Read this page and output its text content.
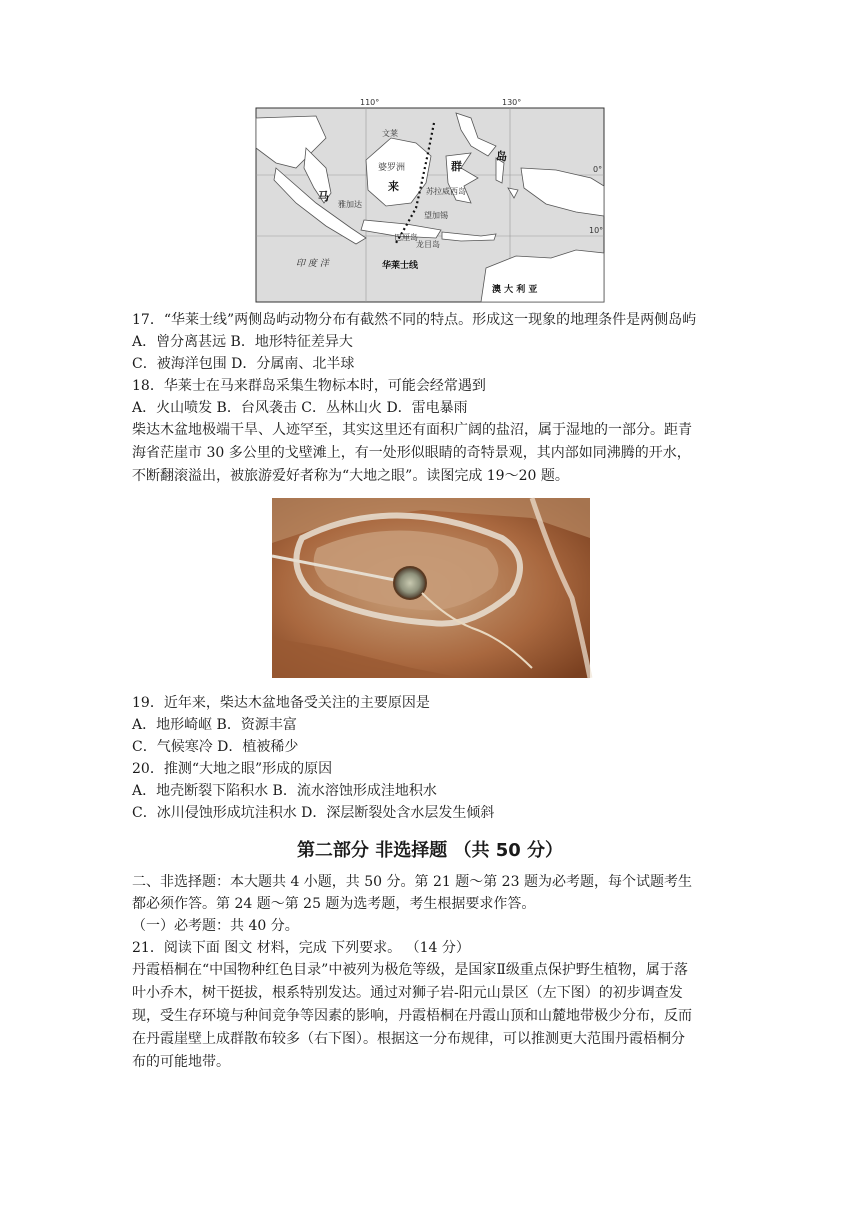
110°	130°
0°
10°
文莱
婆罗洲
马
来
群
岛
雅加达
苏拉威西岛
望加锡
巴厘岛
龙目岛
印 度 洋	华莱士线
澳 大 利 亚
17．“华莱士线”两侧岛屿动物分布有截然不同的特点。形成这一现象的地理条件是两侧岛屿
A．曾分离甚远 B．地形特征差异大
C．被海洋包围 D．分属南、北半球
18．华莱士在马来群岛采集生物标本时，可能会经常遇到
A．火山喷发 B．台风袭击 C．丛林山火 D．雷电暴雨
柴达木盆地极端干旱、人迹罕至，其实这里还有面积广阔的盐沼，属于湿地的一部分。距青
海省茫崖市 30 多公里的戈壁滩上，有一处形似眼睛的奇特景观，其内部如同沸腾的开水，
不断翻滚溢出，被旅游爱好者称为“大地之眼”。读图完成 19～20 题。
19．近年来，柴达木盆地备受关注的主要原因是
A．地形崎岖 B．资源丰富
C．气候寒冷 D．植被稀少
20．推测“大地之眼”形成的原因
A．地壳断裂下陷积水 B．流水溶蚀形成洼地积水
C．冰川侵蚀形成坑洼积水 D．深层断裂处含水层发生倾斜
第二部分 非选择题 （共 50 分）
二、非选择题：本大题共 4 小题，共 50 分。第 21 题～第 23 题为必考题，每个试题考生
都必须作答。第 24 题～第 25 题为选考题，考生根据要求作答。
（一）必考题：共 40 分。
21．阅读下面 图文 材料，完成 下列要求。 （14 分）
丹霞梧桐在“中国物种红色目录”中被列为极危等级，是国家Ⅱ级重点保护野生植物，属于落
叶小乔木，树干挺拔，根系特别发达。通过对狮子岩-阳元山景区（左下图）的初步调查发
现，受生存环境与种间竞争等因素的影响，丹霞梧桐在丹霞山顶和山麓地带极少分布，反而
在丹霞崖壁上成群散布较多（右下图）。根据这一分布规律，可以推测更大范围丹霞梧桐分
布的可能地带。
